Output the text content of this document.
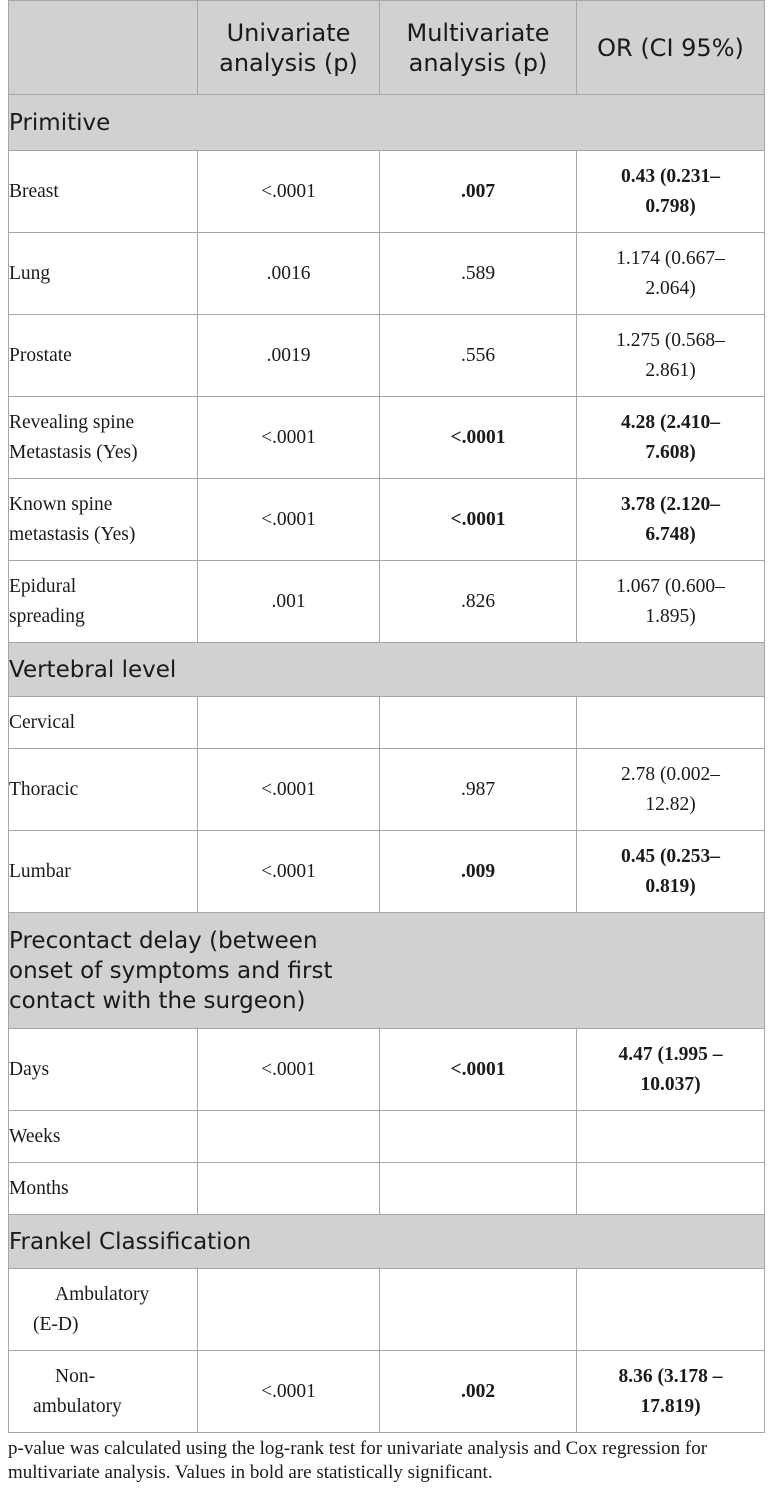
	Univariate analysis (p)	Multivariate analysis (p)	OR (CI 95%)
Primitive			
Breast	<.0001	.007	0.43 (0.231–0.798)
Lung	.0016	.589	1.174 (0.667–2.064)
Prostate	.0019	.556	1.275 (0.568–2.861)
Revealing spine Metastasis (Yes)	<.0001	<.0001	4.28 (2.410–7.608)
Known spine metastasis (Yes)	<.0001	<.0001	3.78 (2.120–6.748)
Epidural spreading	.001	.826	1.067 (0.600–1.895)
Vertebral level			
Cervical			
Thoracic	<.0001	.987	2.78 (0.002–12.82)
Lumbar	<.0001	.009	0.45 (0.253–0.819)
Precontact delay (between onset of symptoms and first contact with the surgeon)			
Days	<.0001	<.0001	4.47 (1.995 –10.037)
Weeks			
Months			
Frankel Classification			
Ambulatory (E-D)			
Non-ambulatory	<.0001	.002	8.36 (3.178 –17.819)
p-value was calculated using the log-rank test for univariate analysis and Cox regression for multivariate analysis. Values in bold are statistically significant.
